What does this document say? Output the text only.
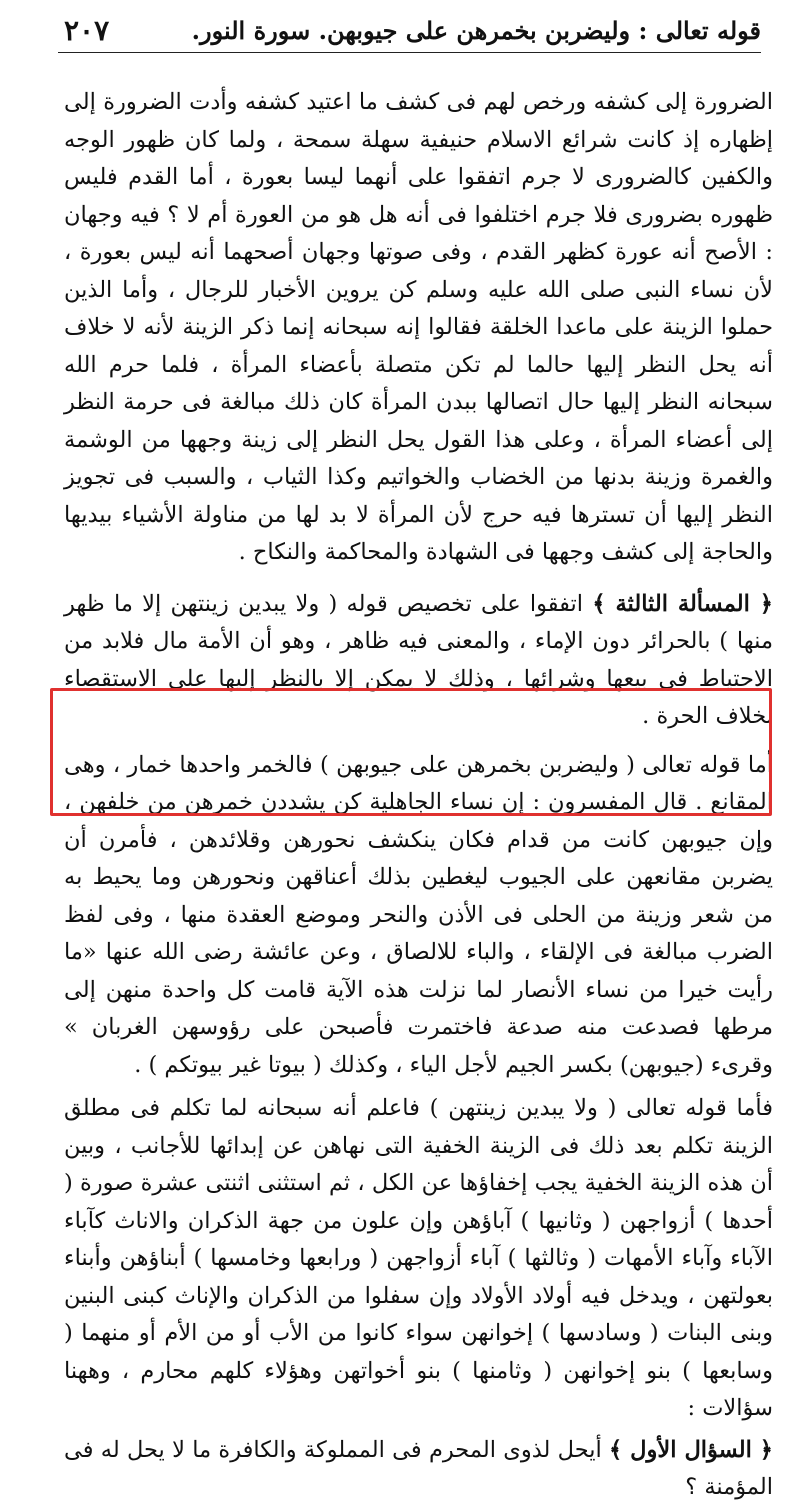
قوله تعالى : وليضربن بخمرهن على جيوبهن. سورة النور.
٢٠٧

الضرورة إلى كشفه ورخص لهم فى كشف ما اعتيد كشفه وأدت الضرورة إلى إظهاره إذ كانت شرائع الاسلام حنيفية سهلة سمحة ، ولما كان ظهور الوجه والكفين كالضرورى لا جرم اتفقوا على أنهما ليسا بعورة ، أما القدم فليس ظهوره بضرورى فلا جرم اختلفوا فى أنه هل هو من العورة أم لا ؟ فيه وجهان : الأصح أنه عورة كظهر القدم ، وفى صوتها وجهان أصحهما أنه ليس بعورة ، لأن نساء النبى صلى الله عليه وسلم كن يروين الأخبار للرجال ، وأما الذين حملوا الزينة على ماعدا الخلقة فقالوا إنه سبحانه إنما ذكر الزينة لأنه لا خلاف أنه يحل النظر إليها حالما لم تكن متصلة بأعضاء المرأة ، فلما حرم الله سبحانه النظر إليها حال اتصالها ببدن المرأة كان ذلك مبالغة فى حرمة النظر إلى أعضاء المرأة ، وعلى هذا القول يحل النظر إلى زينة وجهها من الوشمة والغمرة وزينة بدنها من الخضاب والخواتيم وكذا الثياب ، والسبب فى تجويز النظر إليها أن تسترها فيه حرج لأن المرأة لا بد لها من مناولة الأشياء بيديها والحاجة إلى كشف وجهها فى الشهادة والمحاكمة والنكاح .

﴿ المسألة الثالثة ﴾ اتفقوا على تخصيص قوله ( ولا يبدين زينتهن إلا ما ظهر منها ) بالحرائر دون الإماء ، والمعنى فيه ظاهر ، وهو أن الأمة مال فلابد من الاحتياط فى بيعها وشرائها ، وذلك لا يمكن إلا بالنظر إليها على الاستقصاء بخلاف الحرة .

أما قوله تعالى ( وليضربن بخمرهن على جيوبهن ) فالخمر واحدها خمار ، وهى المقانع . قال المفسرون : إن نساء الجاهلية كن يشددن خمرهن من خلفهن ، وإن جيوبهن كانت من قدام فكان ينكشف نحورهن وقلائدهن ، فأمرن أن يضربن مقانعهن على الجيوب ليغطين بذلك أعناقهن ونحورهن وما يحيط به من شعر وزينة من الحلى فى الأذن والنحر وموضع العقدة منها ، وفى لفظ الضرب مبالغة فى الإلقاء ، والباء للالصاق ، وعن عائشة رضى الله عنها «ما رأيت خيرا من نساء الأنصار لما نزلت هذه الآية قامت كل واحدة منهن إلى مرطها فصدعت منه صدعة فاختمرت فأصبحن على رؤوسهن الغربان » وقرىء (جيوبهن) بكسر الجيم لأجل الياء ، وكذلك ( بيوتا غير بيوتكم ) .

فأما قوله تعالى ( ولا يبدين زينتهن ) فاعلم أنه سبحانه لما تكلم فى مطلق الزينة تكلم بعد ذلك فى الزينة الخفية التى نهاهن عن إبدائها للأجانب ، وبين أن هذه الزينة الخفية يجب إخفاؤها عن الكل ، ثم استثنى اثنتى عشرة صورة ( أحدها ) أزواجهن ( وثانيها ) آباؤهن وإن علون من جهة الذكران والاناث كآباء الآباء وآباء الأمهات ( وثالثها ) آباء أزواجهن ( ورابعها وخامسها ) أبناؤهن وأبناء بعولتهن ، ويدخل فيه أولاد الأولاد وإن سفلوا من الذكران والإناث كبنى البنين وبنى البنات ( وسادسها ) إخوانهن سواء كانوا من الأب أو من الأم أو منهما ( وسابعها ) بنو إخوانهن ( وثامنها ) بنو أخواتهن وهؤلاء كلهم محارم ، وههنا سؤالات :

﴿ السؤال الأول ﴾ أيحل لذوى المحرم فى المملوكة والكافرة ما لا يحل له فى المؤمنة ؟
